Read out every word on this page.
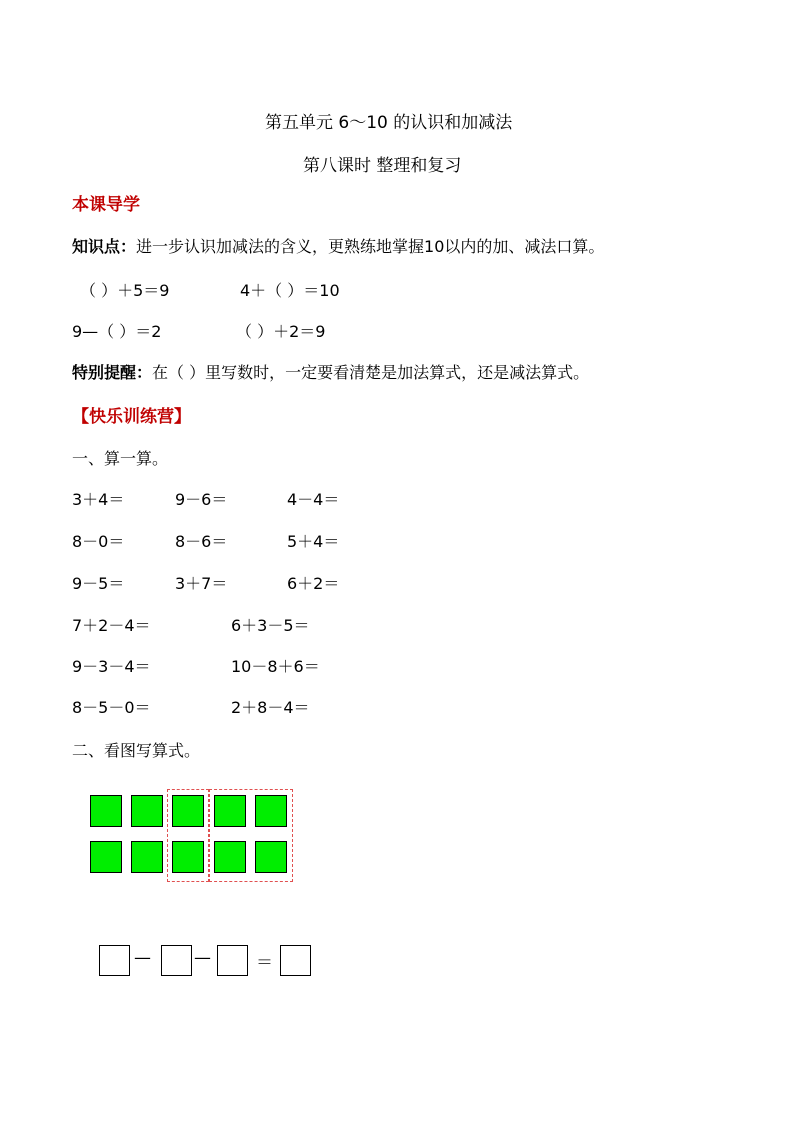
第五单元 6～10 的认识和加减法
第八课时 整理和复习
本课导学
知识点：进一步认识加减法的含义，更熟练地掌握10以内的加、减法口算。
（ ）＋5＝9	4＋（ ）＝10
9—（ ）＝2	（ ）＋2＝9
特别提醒：在（ ）里写数时，一定要看清楚是加法算式，还是减法算式。
【快乐训练营】
一、算一算。
3＋4＝	9－6＝	4－4＝
8－0＝	8－6＝	5＋4＝
9－5＝	3＋7＝	6＋2＝
7＋2－4＝	6＋3－5＝
9－3－4＝	10－8＋6＝
8－5－0＝	2＋8－4＝
二、看图写算式。
—	—	＝
